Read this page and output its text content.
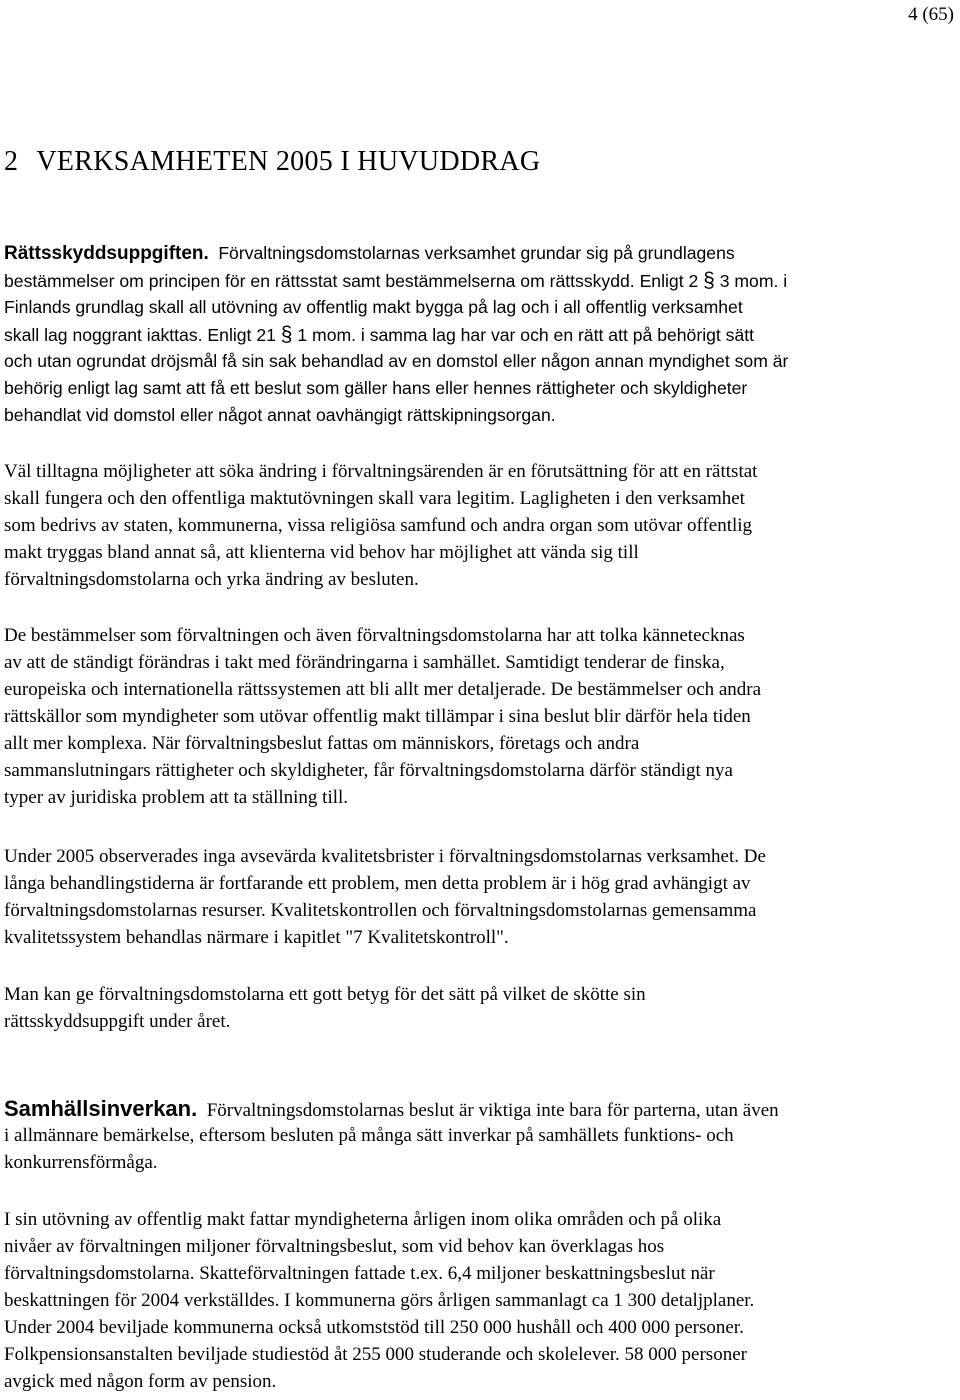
4 (65)
2 VERKSAMHETEN 2005 I HUVUDDRAG
Rättsskyddsuppgiften. Förvaltningsdomstolarnas verksamhet grundar sig på grundlagens
bestämmelser om principen för en rättsstat samt bestämmelserna om rättsskydd. Enligt 2 § 3 mom. i
Finlands grundlag skall all utövning av offentlig makt bygga på lag och i all offentlig verksamhet
skall lag noggrant iakttas. Enligt 21 § 1 mom. i samma lag har var och en rätt att på behörigt sätt
och utan ogrundat dröjsmål få sin sak behandlad av en domstol eller någon annan myndighet som är
behörig enligt lag samt att få ett beslut som gäller hans eller hennes rättigheter och skyldigheter
behandlat vid domstol eller något annat oavhängigt rättskipningsorgan.
Väl tilltagna möjligheter att söka ändring i förvaltningsärenden är en förutsättning för att en rättstat
skall fungera och den offentliga maktutövningen skall vara legitim. Lagligheten i den verksamhet
som bedrivs av staten, kommunerna, vissa religiösa samfund och andra organ som utövar offentlig
makt tryggas bland annat så, att klienterna vid behov har möjlighet att vända sig till
förvaltningsdomstolarna och yrka ändring av besluten.
De bestämmelser som förvaltningen och även förvaltningsdomstolarna har att tolka kännetecknas
av att de ständigt förändras i takt med förändringarna i samhället. Samtidigt tenderar de finska,
europeiska och internationella rättssystemen att bli allt mer detaljerade. De bestämmelser och andra
rättskällor som myndigheter som utövar offentlig makt tillämpar i sina beslut blir därför hela tiden
allt mer komplexa. När förvaltningsbeslut fattas om människors, företags och andra
sammanslutningars rättigheter och skyldigheter, får förvaltningsdomstolarna därför ständigt nya
typer av juridiska problem att ta ställning till.
Under 2005 observerades inga avsevärda kvalitetsbrister i förvaltningsdomstolarnas verksamhet. De
långa behandlingstiderna är fortfarande ett problem, men detta problem är i hög grad avhängigt av
förvaltningsdomstolarnas resurser. Kvalitetskontrollen och förvaltningsdomstolarnas gemensamma
kvalitetssystem behandlas närmare i kapitlet "7 Kvalitetskontroll".
Man kan ge förvaltningsdomstolarna ett gott betyg för det sätt på vilket de skötte sin
rättsskyddsuppgift under året.
Samhällsinverkan. Förvaltningsdomstolarnas beslut är viktiga inte bara för parterna, utan även
i allmännare bemärkelse, eftersom besluten på många sätt inverkar på samhällets funktions- och
konkurrensförmåga.
I sin utövning av offentlig makt fattar myndigheterna årligen inom olika områden och på olika
nivåer av förvaltningen miljoner förvaltningsbeslut, som vid behov kan överklagas hos
förvaltningsdomstolarna. Skatteförvaltningen fattade t.ex. 6,4 miljoner beskattningsbeslut när
beskattningen för 2004 verkställdes. I kommunerna görs årligen sammanlagt ca 1 300 detaljplaner.
Under 2004 beviljade kommunerna också utkomststöd till 250 000 hushåll och 400 000 personer.
Folkpensionsanstalten beviljade studiestöd åt 255 000 studerande och skolelever. 58 000 personer
avgick med någon form av pension.
